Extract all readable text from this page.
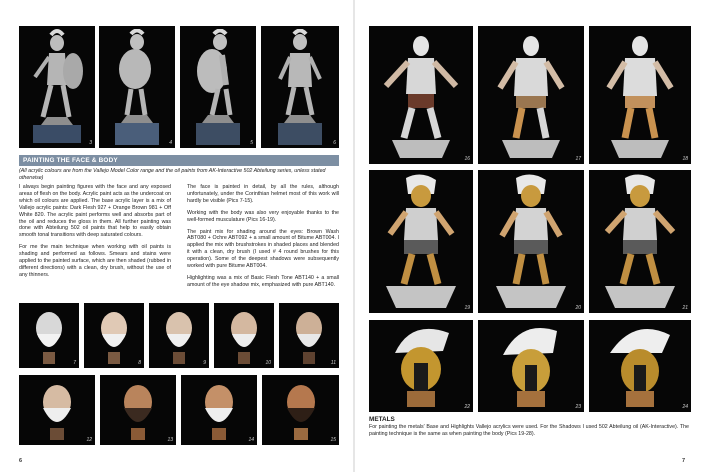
3	4	5	6
PAINTING THE FACE & BODY
(All acrylic colours are from the Vallejo Model Color range and the oil paints from AK-Interactive 502 Abteilung series, unless stated otherwise)

I always begin painting figures with the face and any exposed areas of flesh on the body. Acrylic paint acts as the undercoat on which oil colours are applied. The base acrylic layer is a mix of Vallejo acrylic paints: Dark Flesh 927 + Orange Brown 981 + Off White 820. The acrylic paint performs well and absorbs part of the oil and reduces the gloss in them. All further painting was done with Abteilung 502 oil paints that help to easily obtain smooth tonal transitions with deep saturated colours.

For me the main technique when working with oil paints is shading and performed as follows. Smears and stains were applied to the painted surface, which are then shaded (rubbed in different directions) with a clean, dry brush, without the use of any thinners.

The face is painted in detail, by all the rules, although unfortunately, under the Corinthian helmet most of this work will hardly be visible (Pics 7-15).

Working with the body was also very enjoyable thanks to the well-formed musculature (Pics 16-19).

The paint mix for shading around the eyes: Brown Wash ABT080 + Ochre ABT092 + a small amount of Bitume ABT004. I applied the mix with brushstrokes in shaded places and blended it with a clean, dry brush (I used # 4 round brushes for this operation). Some of the deepest shadows were subsequently worked with pure Bitume ABT004.

Highlighting was a mix of Basic Flesh Tone ABT140 + a small amount of the eye shadow mix, emphasized with pure ABT140.

7	8	9	10	11
12	13	14	15
6
16	17	18
19	20	21
22	23	24
METALS
For painting the metals' Base and Highlights Vallejo acrylics were used. For the Shadows I used 502 Abteilung oil (AK-Interactive). The painting technique is the same as when painting the body (Pics 19-28).
7
